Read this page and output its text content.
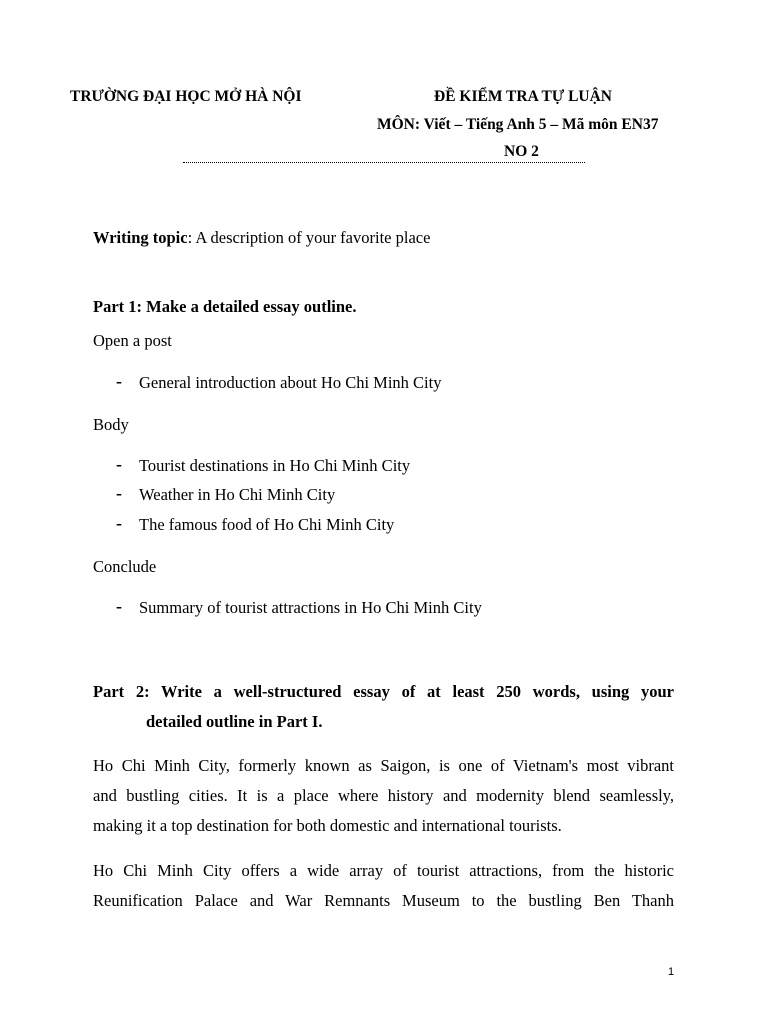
TRƯỜNG ĐẠI HỌC MỞ HÀ NỘI	ĐỀ KIỂM TRA TỰ LUẬN
MÔN: Viết – Tiếng Anh 5 – Mã môn EN37
NO 2
Writing topic: A description of your favorite place
Part 1: Make a detailed essay outline.
Open a post
- General introduction about Ho Chi Minh City
Body
- Tourist destinations in Ho Chi Minh City
- Weather in Ho Chi Minh City
- The famous food of Ho Chi Minh City
Conclude
- Summary of tourist attractions in Ho Chi Minh City
Part 2: Write a well-structured essay of at least 250 words, using your
detailed outline in Part I.
Ho Chi Minh City, formerly known as Saigon, is one of Vietnam's most vibrant
and bustling cities. It is a place where history and modernity blend seamlessly,
making it a top destination for both domestic and international tourists.
Ho Chi Minh City offers a wide array of tourist attractions, from the historic
Reunification Palace and War Remnants Museum to the bustling Ben Thanh
1
